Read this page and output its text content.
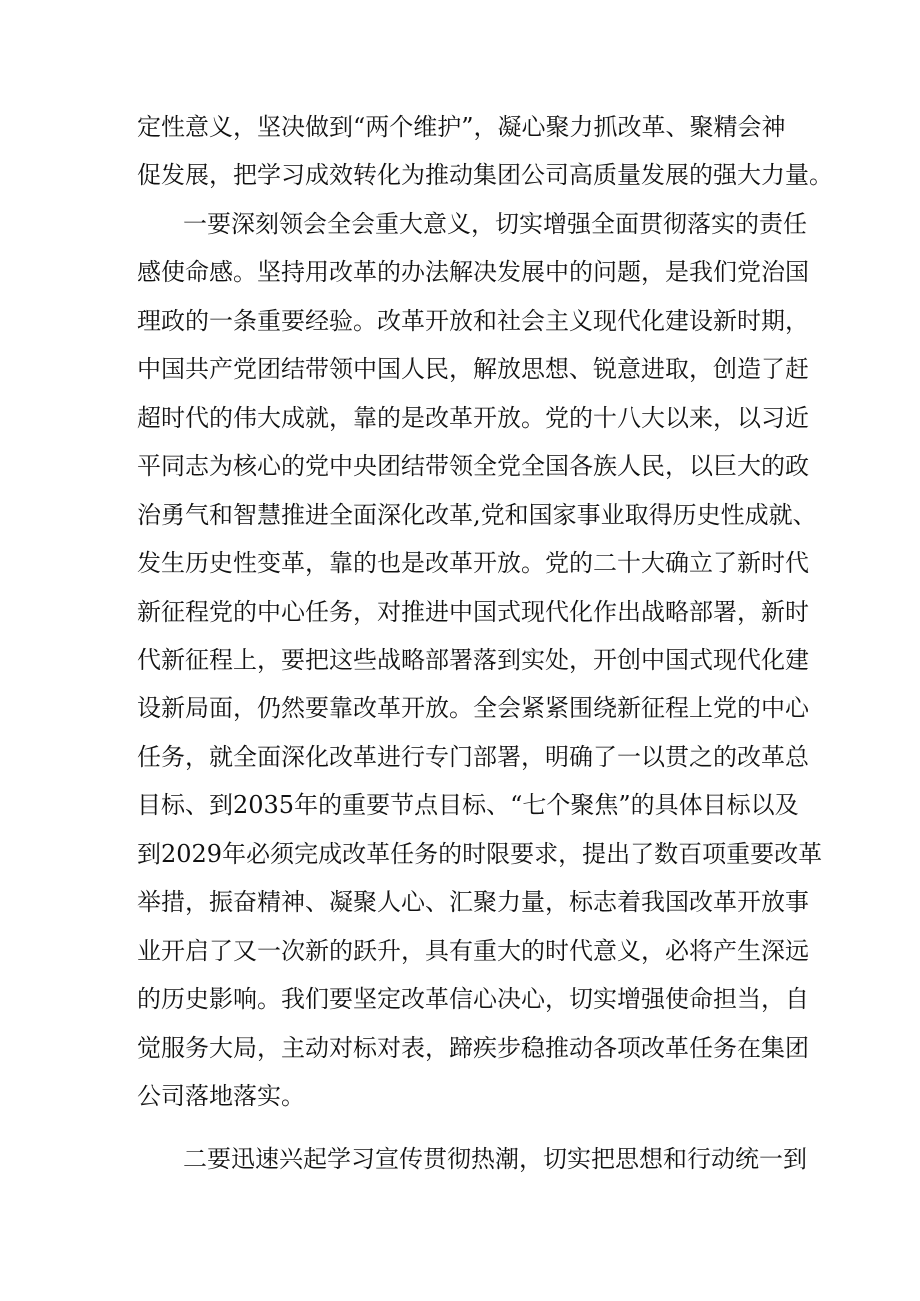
定性意义，坚决做到“两个维护”，凝心聚力抓改革、聚精会神
促发展，把学习成效转化为推动集团公司高质量发展的强大力量。
一要深刻领会全会重大意义，切实增强全面贯彻落实的责任
感使命感。坚持用改革的办法解决发展中的问题，是我们党治国
理政的一条重要经验。改革开放和社会主义现代化建设新时期，
中国共产党团结带领中国人民，解放思想、锐意进取，创造了赶
超时代的伟大成就，靠的是改革开放。党的十八大以来，以习近
平同志为核心的党中央团结带领全党全国各族人民，以巨大的政
治勇气和智慧推进全面深化改革,党和国家事业取得历史性成就、
发生历史性变革，靠的也是改革开放。党的二十大确立了新时代
新征程党的中心任务，对推进中国式现代化作出战略部署，新时
代新征程上，要把这些战略部署落到实处，开创中国式现代化建
设新局面，仍然要靠改革开放。全会紧紧围绕新征程上党的中心
任务，就全面深化改革进行专门部署，明确了一以贯之的改革总
目标、到2035年的重要节点目标、“七个聚焦”的具体目标以及
到2029年必须完成改革任务的时限要求，提出了数百项重要改革
举措，振奋精神、凝聚人心、汇聚力量，标志着我国改革开放事
业开启了又一次新的跃升，具有重大的时代意义，必将产生深远
的历史影响。我们要坚定改革信心决心，切实增强使命担当，自
觉服务大局，主动对标对表，蹄疾步稳推动各项改革任务在集团
公司落地落实。
二要迅速兴起学习宣传贯彻热潮，切实把思想和行动统一到
